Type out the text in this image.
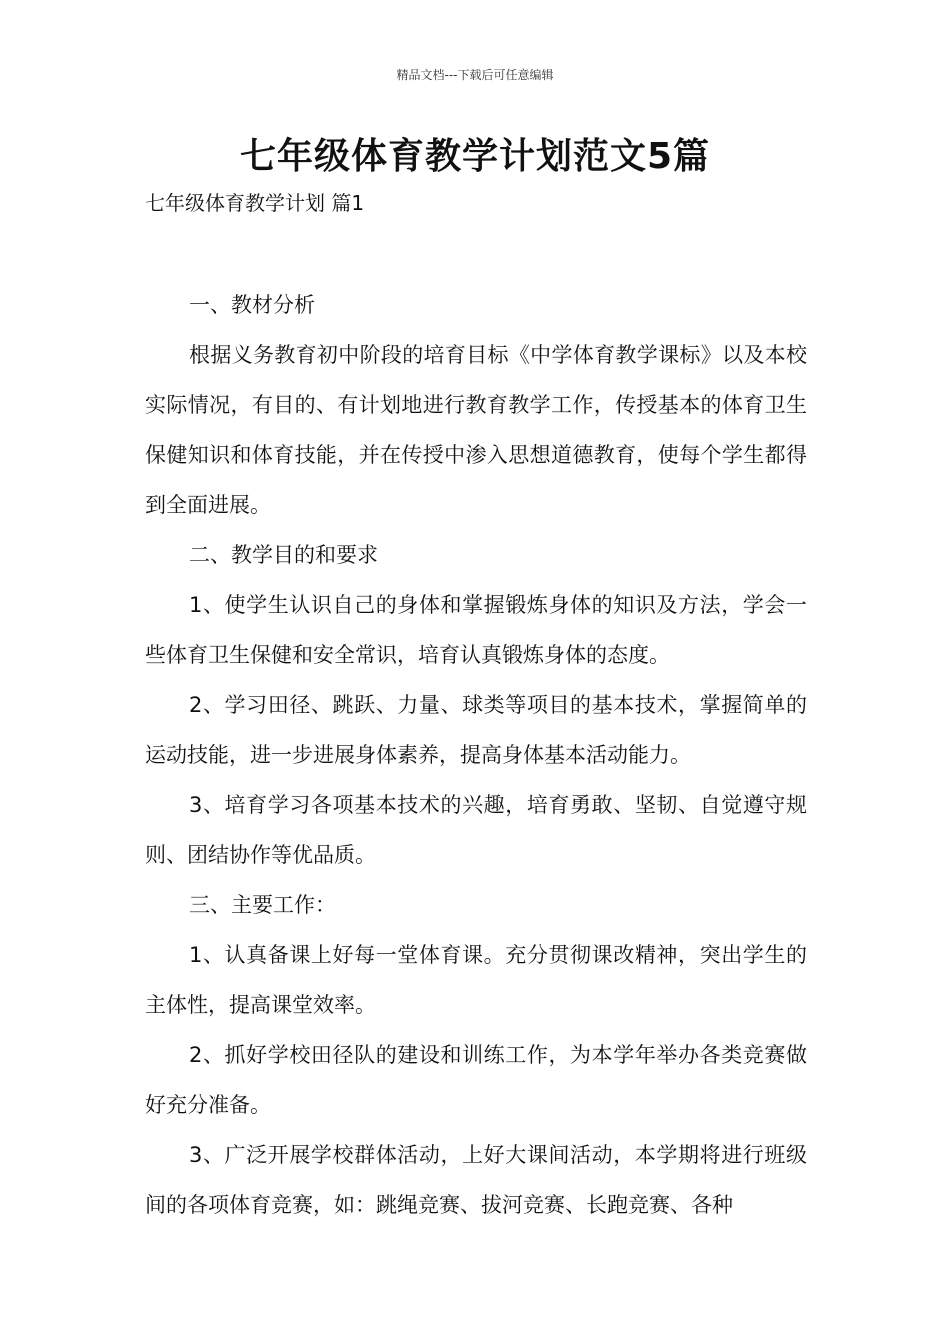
精品文档---下载后可任意编辑
七年级体育教学计划范文5篇
七年级体育教学计划 篇1

一、教材分析

根据义务教育初中阶段的培育目标《中学体育教学课标》以及本校实际情况，有目的、有计划地进行教育教学工作，传授基本的体育卫生保健知识和体育技能，并在传授中渗入思想道德教育，使每个学生都得到全面进展。

二、教学目的和要求

1、使学生认识自己的身体和掌握锻炼身体的知识及方法，学会一些体育卫生保健和安全常识，培育认真锻炼身体的态度。

2、学习田径、跳跃、力量、球类等项目的基本技术，掌握简单的运动技能，进一步进展身体素养，提高身体基本活动能力。

3、培育学习各项基本技术的兴趣，培育勇敢、坚韧、自觉遵守规则、团结协作等优品质。

三、主要工作：

1、认真备课上好每一堂体育课。充分贯彻课改精神，突出学生的主体性，提高课堂效率。

2、抓好学校田径队的建设和训练工作，为本学年举办各类竞赛做好充分准备。

3、广泛开展学校群体活动，上好大课间活动，本学期将进行班级间的各项体育竞赛，如：跳绳竞赛、拔河竞赛、长跑竞赛、各种
